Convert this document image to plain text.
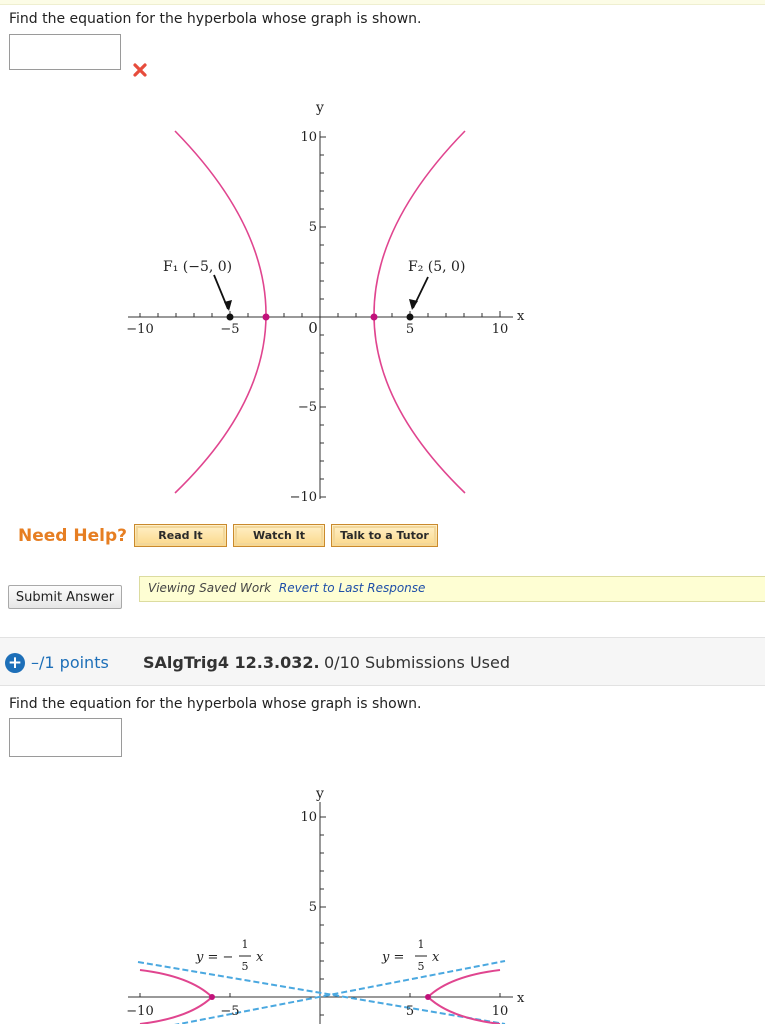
Find the equation for the hyperbola whose graph is shown.
y
x
10
5
−5
−10
−10	−5	0	5	10
F₁ (−5, 0)	F₂ (5, 0)
Need Help?	Read It	Watch It	Talk to a Tutor
Submit Answer
Viewing Saved Work Revert to Last Response
+ –/1 points SAlgTrig4 12.3.032. 0/10 Submissions Used
Find the equation for the hyperbola whose graph is shown.
y
x
10
5
−10	−5	5	10
y = −
1
5
x	y =
1
5
x
